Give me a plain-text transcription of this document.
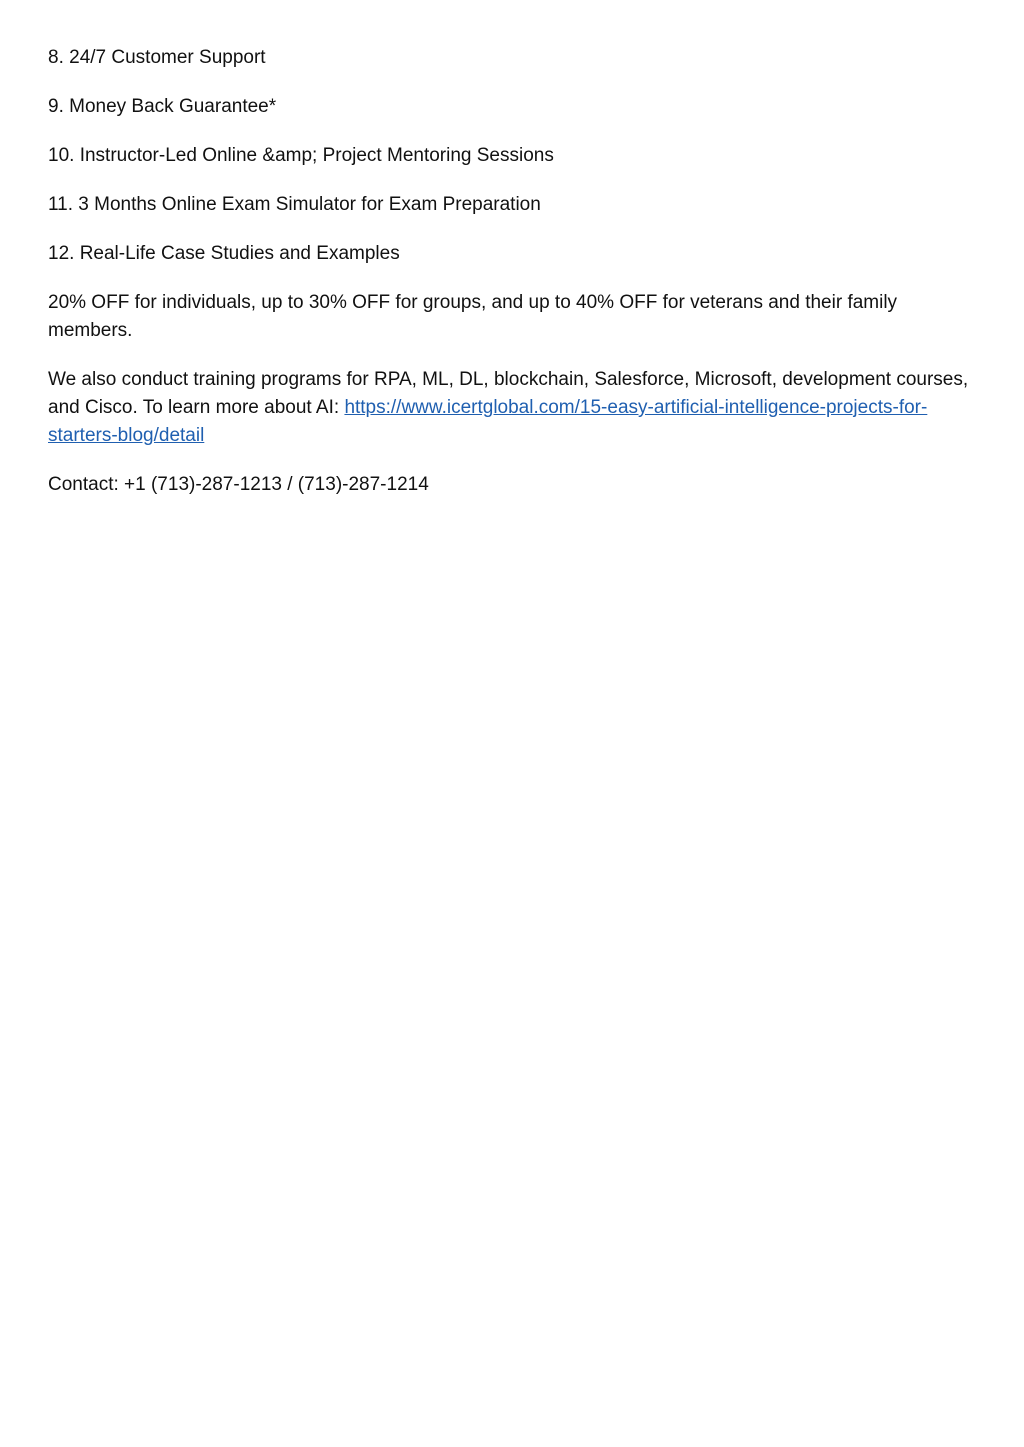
8. 24/7 Customer Support

9. Money Back Guarantee*

10. Instructor-Led Online &amp; Project Mentoring Sessions

11. 3 Months Online Exam Simulator for Exam Preparation

12. Real-Life Case Studies and Examples

20% OFF for individuals, up to 30% OFF for groups, and up to 40% OFF for veterans and their family members.

We also conduct training programs for RPA, ML, DL, blockchain, Salesforce, Microsoft, development courses, and Cisco. To learn more about AI: https://www.icertglobal.com/15-easy-artificial-intelligence-projects-for-starters-blog/detail

Contact: +1 (713)-287-1213 / (713)-287-1214
